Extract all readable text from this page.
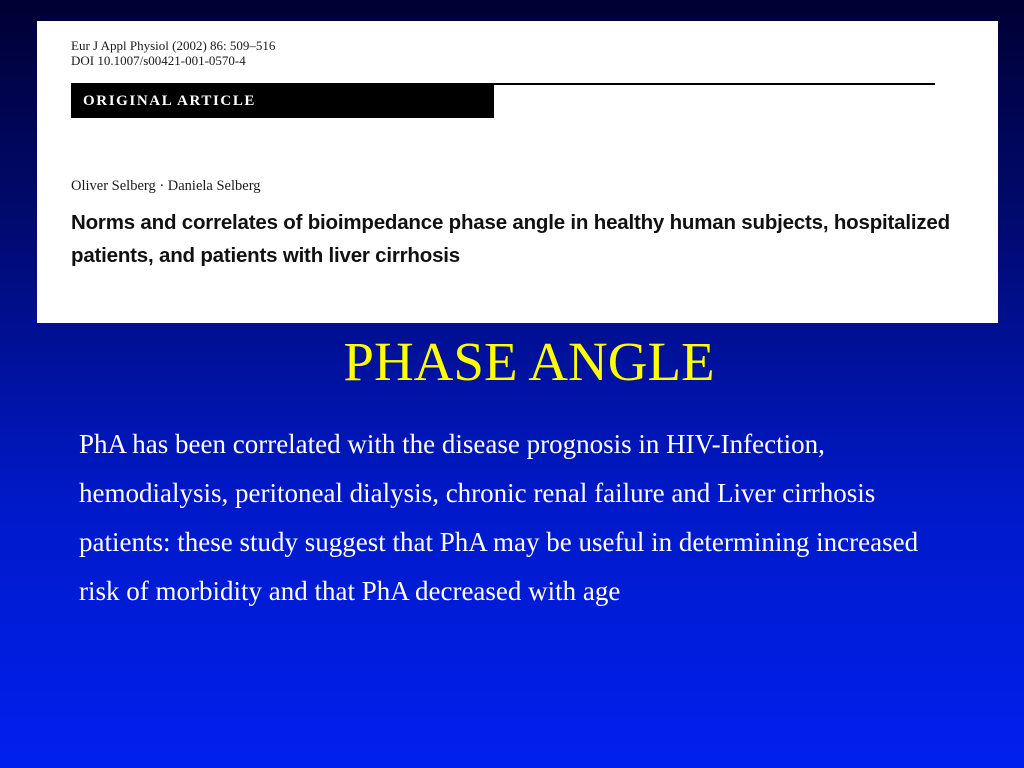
Eur J Appl Physiol (2002) 86: 509–516
DOI 10.1007/s00421-001-0570-4
ORIGINAL ARTICLE
Oliver Selberg · Daniela Selberg
Norms and correlates of bioimpedance phase angle in healthy human subjects, hospitalized patients, and patients with liver cirrhosis
PHASE ANGLE
PhA has been correlated with the disease prognosis in HIV-Infection, hemodialysis, peritoneal dialysis, chronic renal failure and Liver cirrhosis patients: these study suggest that PhA may be useful in determining increased risk of morbidity and that PhA decreased with age
